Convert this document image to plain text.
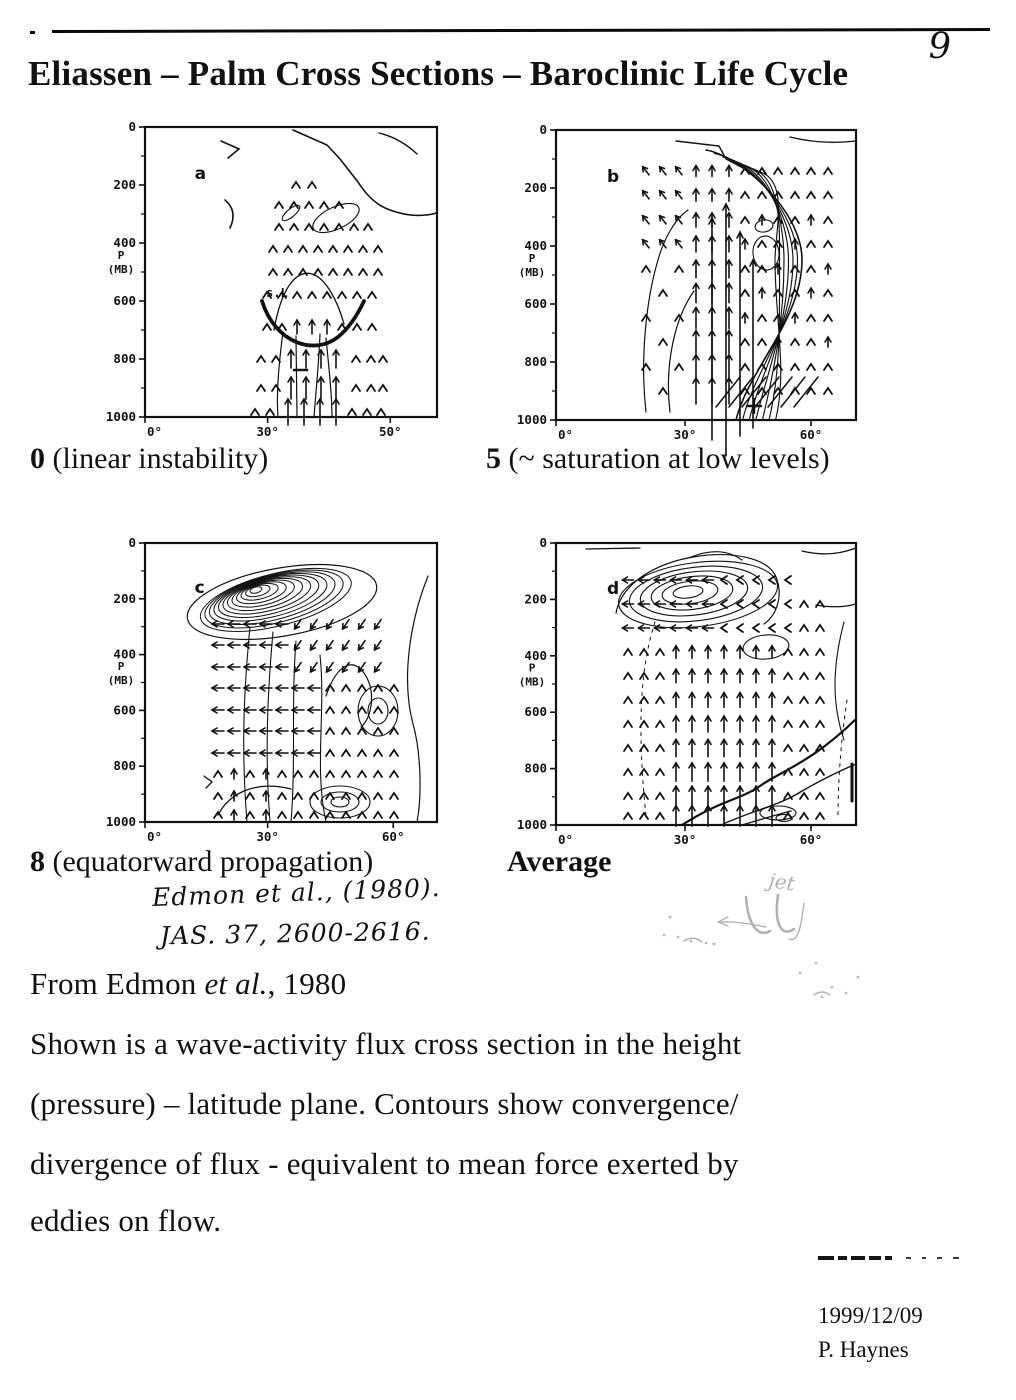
9
Eliassen – Palm Cross Sections – Baroclinic Life Cycle
0
200
400
600
800
1000
P
(MB)
0°	30°	50°
a
s.L
0
200
400
600
800
1000
P
(MB)
0°	30°	60°
b
0
200
400
600
800
1000
P
(MB)
0°	30°	60°
c
0
200
400
600
800
1000
P
(MB)
0°	30°	60°
d
0 (linear instability)	5 (~ saturation at low levels)
8 (equatorward propagation)	Average
Edmon et al., (1980).
JAS. 37, 2600-2616.
jet
From Edmon et al., 1980
Shown is a wave-activity flux cross section in the height
(pressure) – latitude plane. Contours show convergence/
divergence of flux - equivalent to mean force exerted by
eddies on flow.
1999/12/09
P. Haynes
